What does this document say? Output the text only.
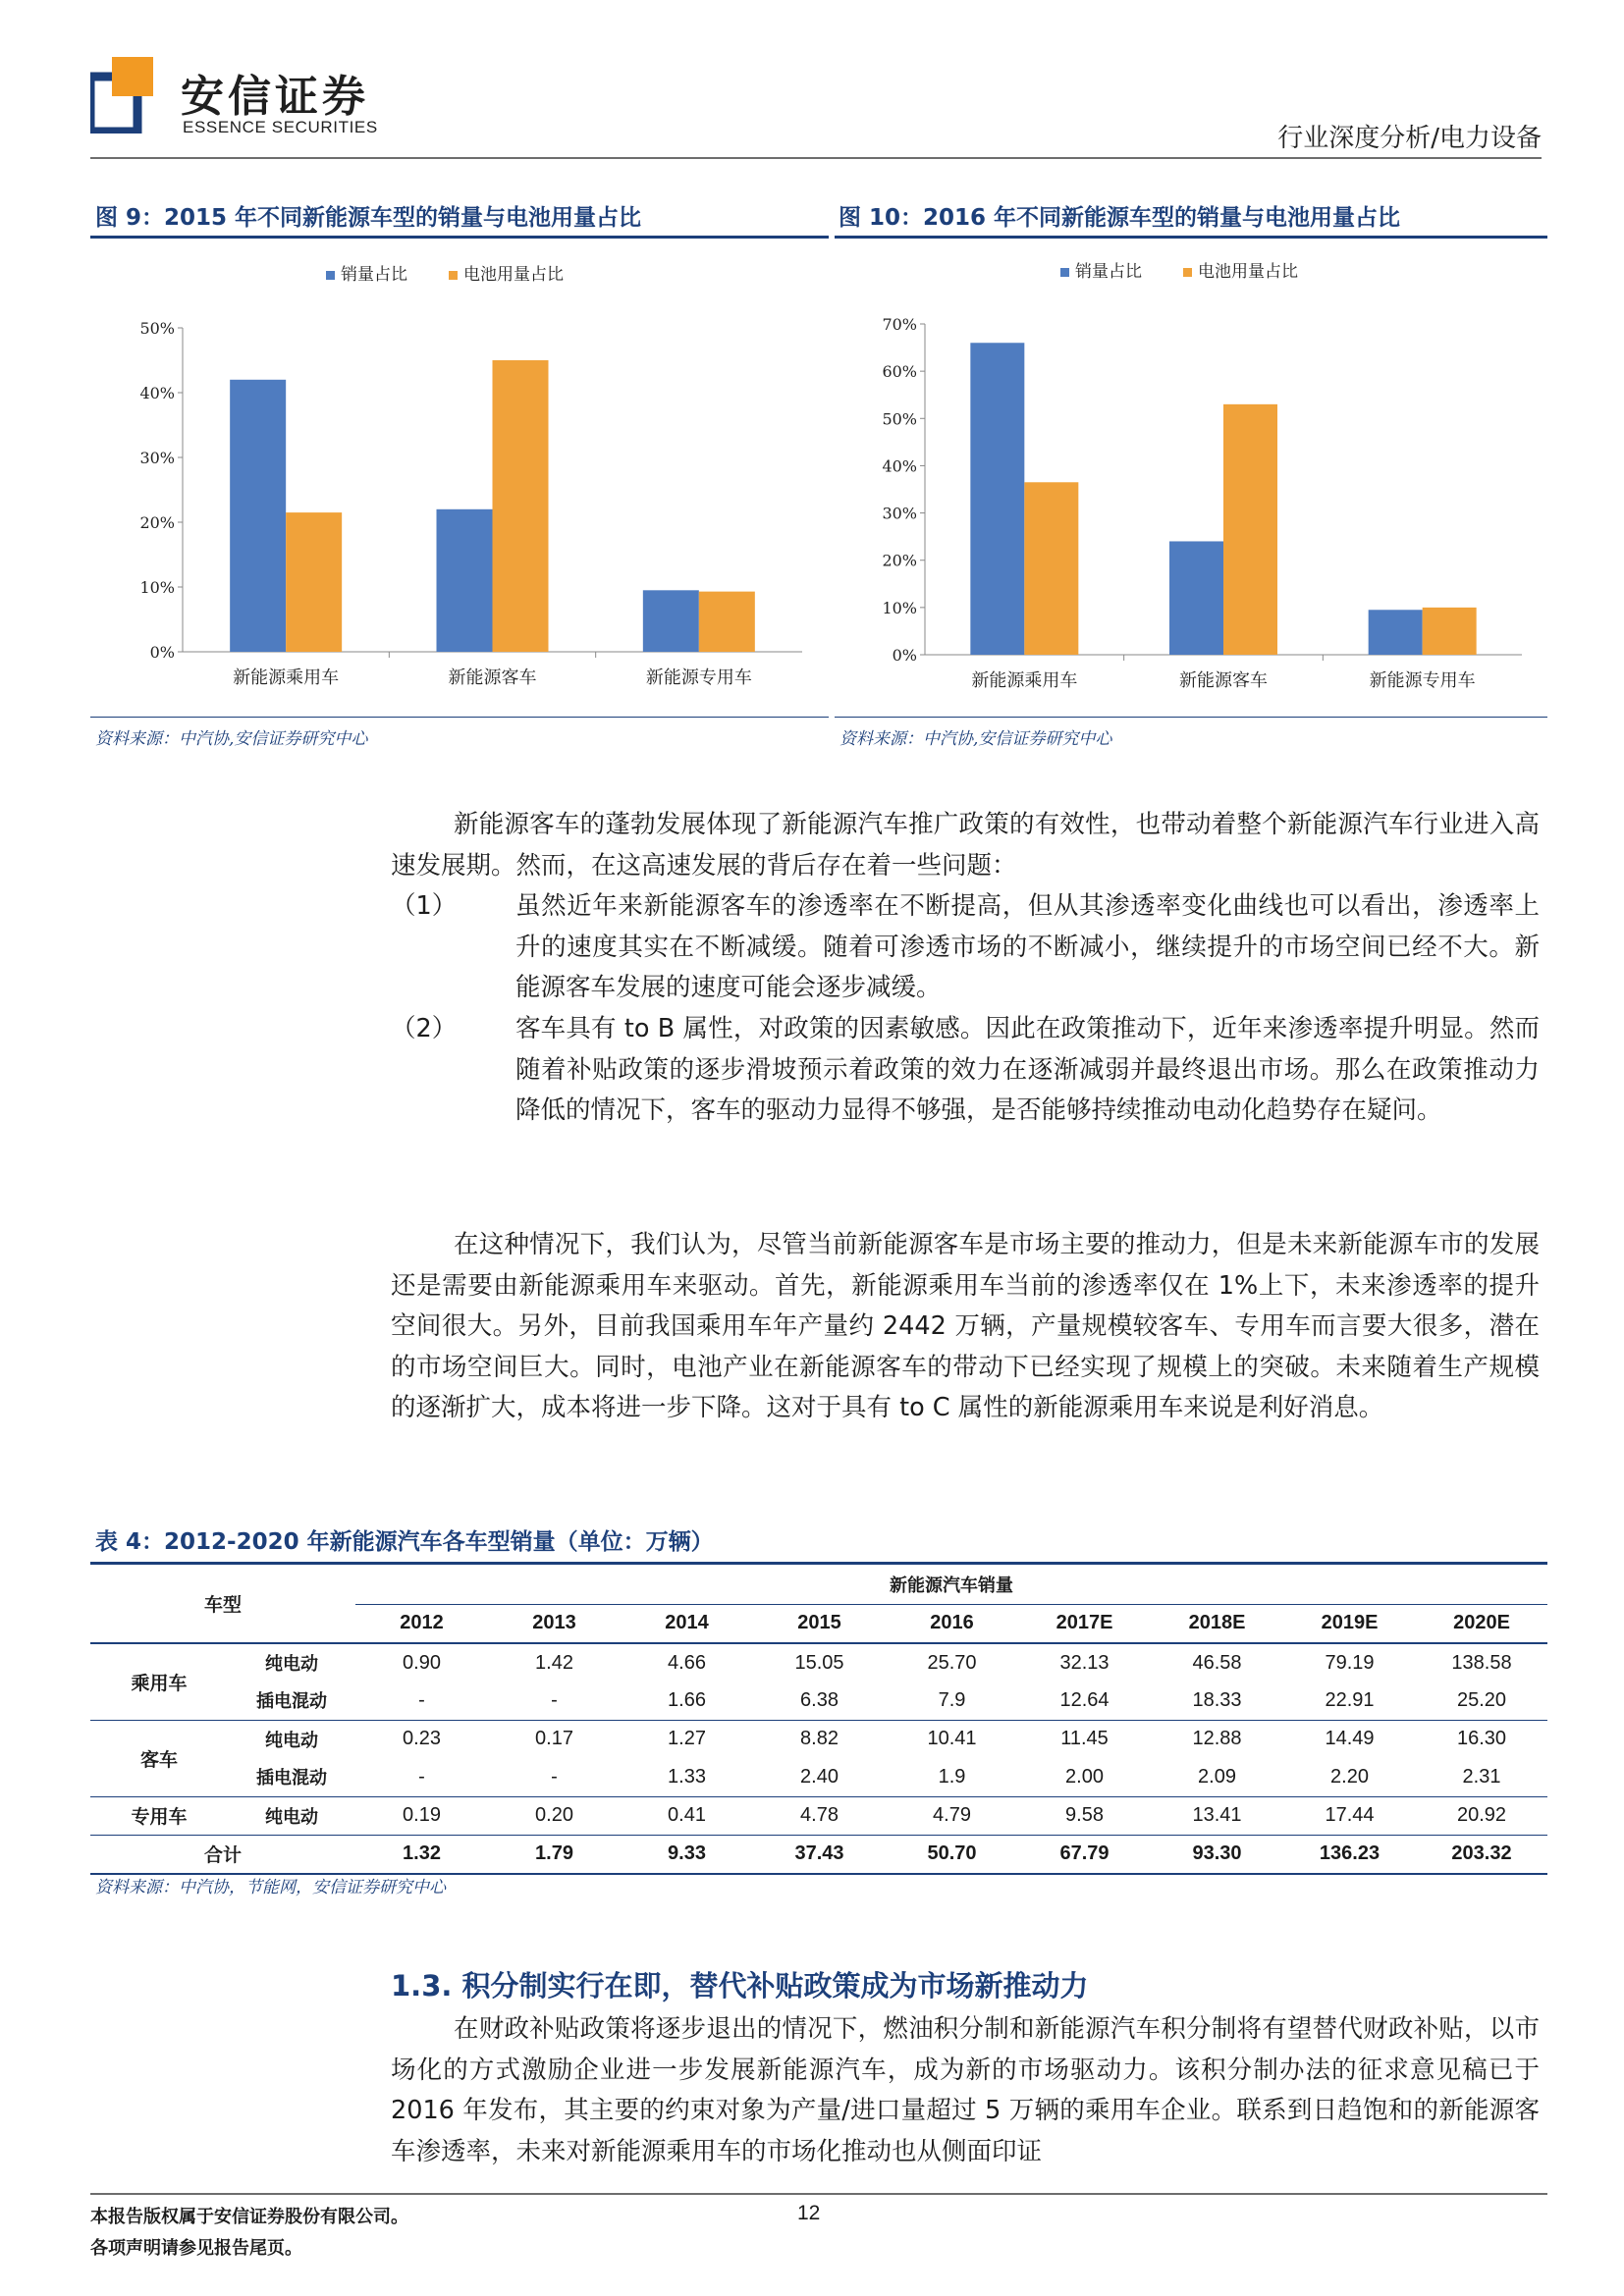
安信证券
ESSENCE SECURITIES	行业深度分析/电力设备
图 9：2015 年不同新能源车型的销量与电池用量占比
销量占比	电池用量占比
0%
10%
20%
30%
40%
50%
新能源乘用车	新能源客车	新能源专用车
资料来源：中汽协,安信证券研究中心
图 10：2016 年不同新能源车型的销量与电池用量占比
销量占比	电池用量占比
0%
10%
20%
30%
40%
50%
60%
70%
新能源乘用车	新能源客车	新能源专用车
资料来源：中汽协,安信证券研究中心
新能源客车的蓬勃发展体现了新能源汽车推广政策的有效性，也带动着整个新能源汽车行业进入高速发展期。然而，在这高速发展的背后存在着一些问题：
（1） 虽然近年来新能源客车的渗透率在不断提高，但从其渗透率变化曲线也可以看出，渗透率上升的速度其实在不断减缓。随着可渗透市场的不断减小，继续提升的市场空间已经不大。新能源客车发展的速度可能会逐步减缓。
（2） 客车具有 to B 属性，对政策的因素敏感。因此在政策推动下，近年来渗透率提升明显。然而随着补贴政策的逐步滑坡预示着政策的效力在逐渐减弱并最终退出市场。那么在政策推动力降低的情况下，客车的驱动力显得不够强，是否能够持续推动电动化趋势存在疑问。
在这种情况下，我们认为，尽管当前新能源客车是市场主要的推动力，但是未来新能源车市的发展还是需要由新能源乘用车来驱动。首先，新能源乘用车当前的渗透率仅在 1%上下，未来渗透率的提升空间很大。另外，目前我国乘用车年产量约 2442 万辆，产量规模较客车、专用车而言要大很多，潜在的市场空间巨大。同时，电池产业在新能源客车的带动下已经实现了规模上的突破。未来随着生产规模的逐渐扩大，成本将进一步下降。这对于具有 to C 属性的新能源乘用车来说是利好消息。
表 4：2012-2020 年新能源汽车各车型销量（单位：万辆）
车型		新能源汽车销量								
		2012	2013	2014	2015	2016	2017E	2018E	2019E	2020E
乘用车	纯电动	0.90	1.42	4.66	15.05	25.70	32.13	46.58	79.19	138.58
	插电混动	-	-	1.66	6.38	7.9	12.64	18.33	22.91	25.20
客车	纯电动	0.23	0.17	1.27	8.82	10.41	11.45	12.88	14.49	16.30
	插电混动	-	-	1.33	2.40	1.9	2.00	2.09	2.20	2.31
专用车	纯电动	0.19	0.20	0.41	4.78	4.79	9.58	13.41	17.44	20.92
合计		1.32	1.79	9.33	37.43	50.70	67.79	93.30	136.23	203.32
资料来源：中汽协，节能网，安信证券研究中心
1.3. 积分制实行在即，替代补贴政策成为市场新推动力
在财政补贴政策将逐步退出的情况下，燃油积分制和新能源汽车积分制将有望替代财政补贴，以市场化的方式激励企业进一步发展新能源汽车，成为新的市场驱动力。该积分制办法的征求意见稿已于 2016 年发布，其主要的约束对象为产量/进口量超过 5 万辆的乘用车企业。联系到日趋饱和的新能源客车渗透率，未来对新能源乘用车的市场化推动也从侧面印证
本报告版权属于安信证券股份有限公司。
各项声明请参见报告尾页。
12
